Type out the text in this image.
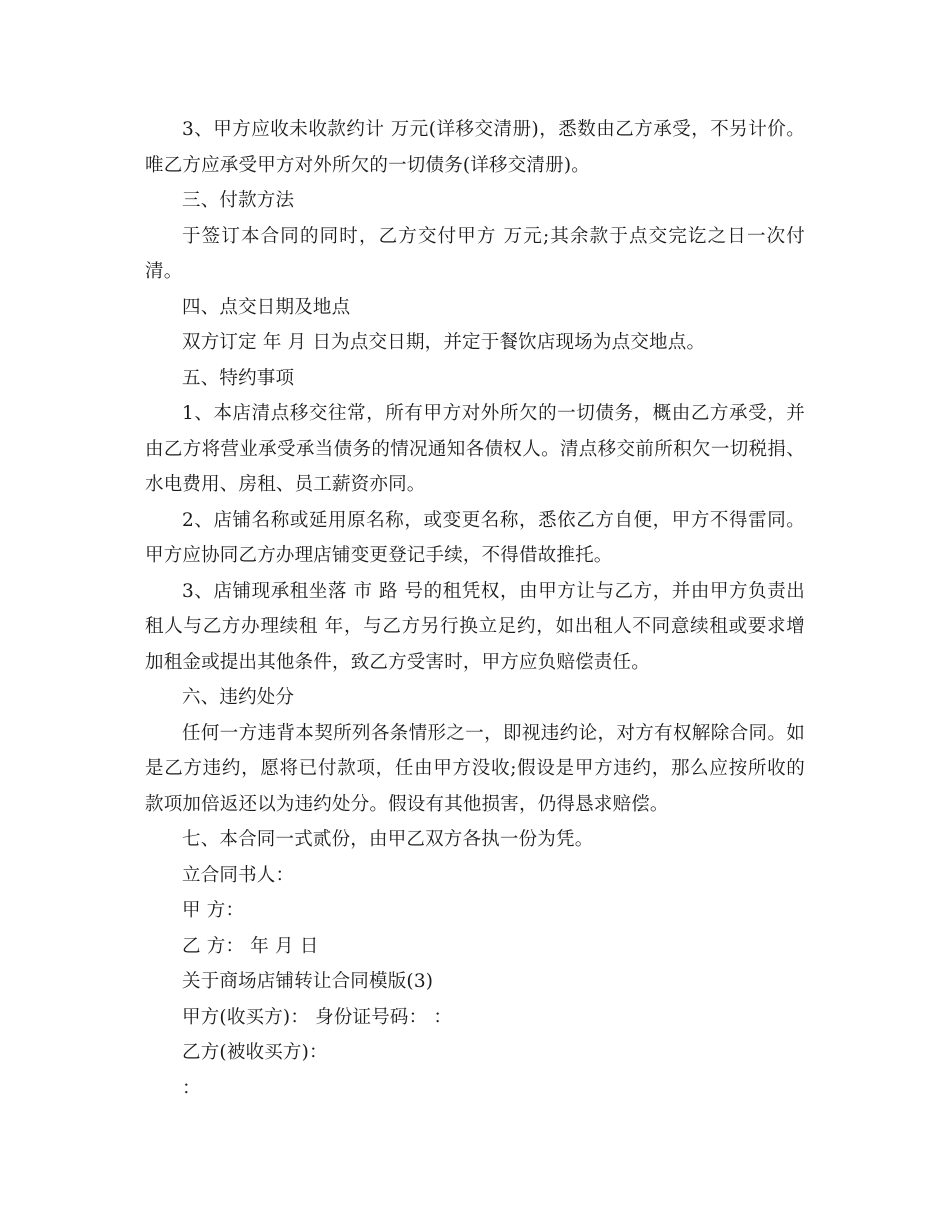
3、甲方应收未收款约计 万元(详移交清册)，悉数由乙方承受，不另计价。唯乙方应承受甲方对外所欠的一切债务(详移交清册)。

三、付款方法

于签订本合同的同时，乙方交付甲方 万元;其余款于点交完讫之日一次付清。

四、点交日期及地点

双方订定 年 月 日为点交日期，并定于餐饮店现场为点交地点。

五、特约事项

1、本店清点移交往常，所有甲方对外所欠的一切债务，概由乙方承受，并由乙方将营业承受承当债务的情况通知各债权人。清点移交前所积欠一切税捐、水电费用、房租、员工薪资亦同。

2、店铺名称或延用原名称，或变更名称，悉依乙方自便，甲方不得雷同。甲方应协同乙方办理店铺变更登记手续，不得借故推托。

3、店铺现承租坐落 市 路 号的租凭权，由甲方让与乙方，并由甲方负责出租人与乙方办理续租 年，与乙方另行换立足约，如出租人不同意续租或要求增加租金或提出其他条件，致乙方受害时，甲方应负赔偿责任。

六、违约处分

任何一方违背本契所列各条情形之一，即视违约论，对方有权解除合同。如是乙方违约，愿将已付款项，任由甲方没收;假设是甲方违约，那么应按所收的款项加倍返还以为违约处分。假设有其他损害，仍得恳求赔偿。

七、本合同一式贰份，由甲乙双方各执一份为凭。

立合同书人：

甲 方：

乙 方： 年 月 日

关于商场店铺转让合同模版(3)

甲方(收买方)： 身份证号码： ：

乙方(被收买方)：

：
